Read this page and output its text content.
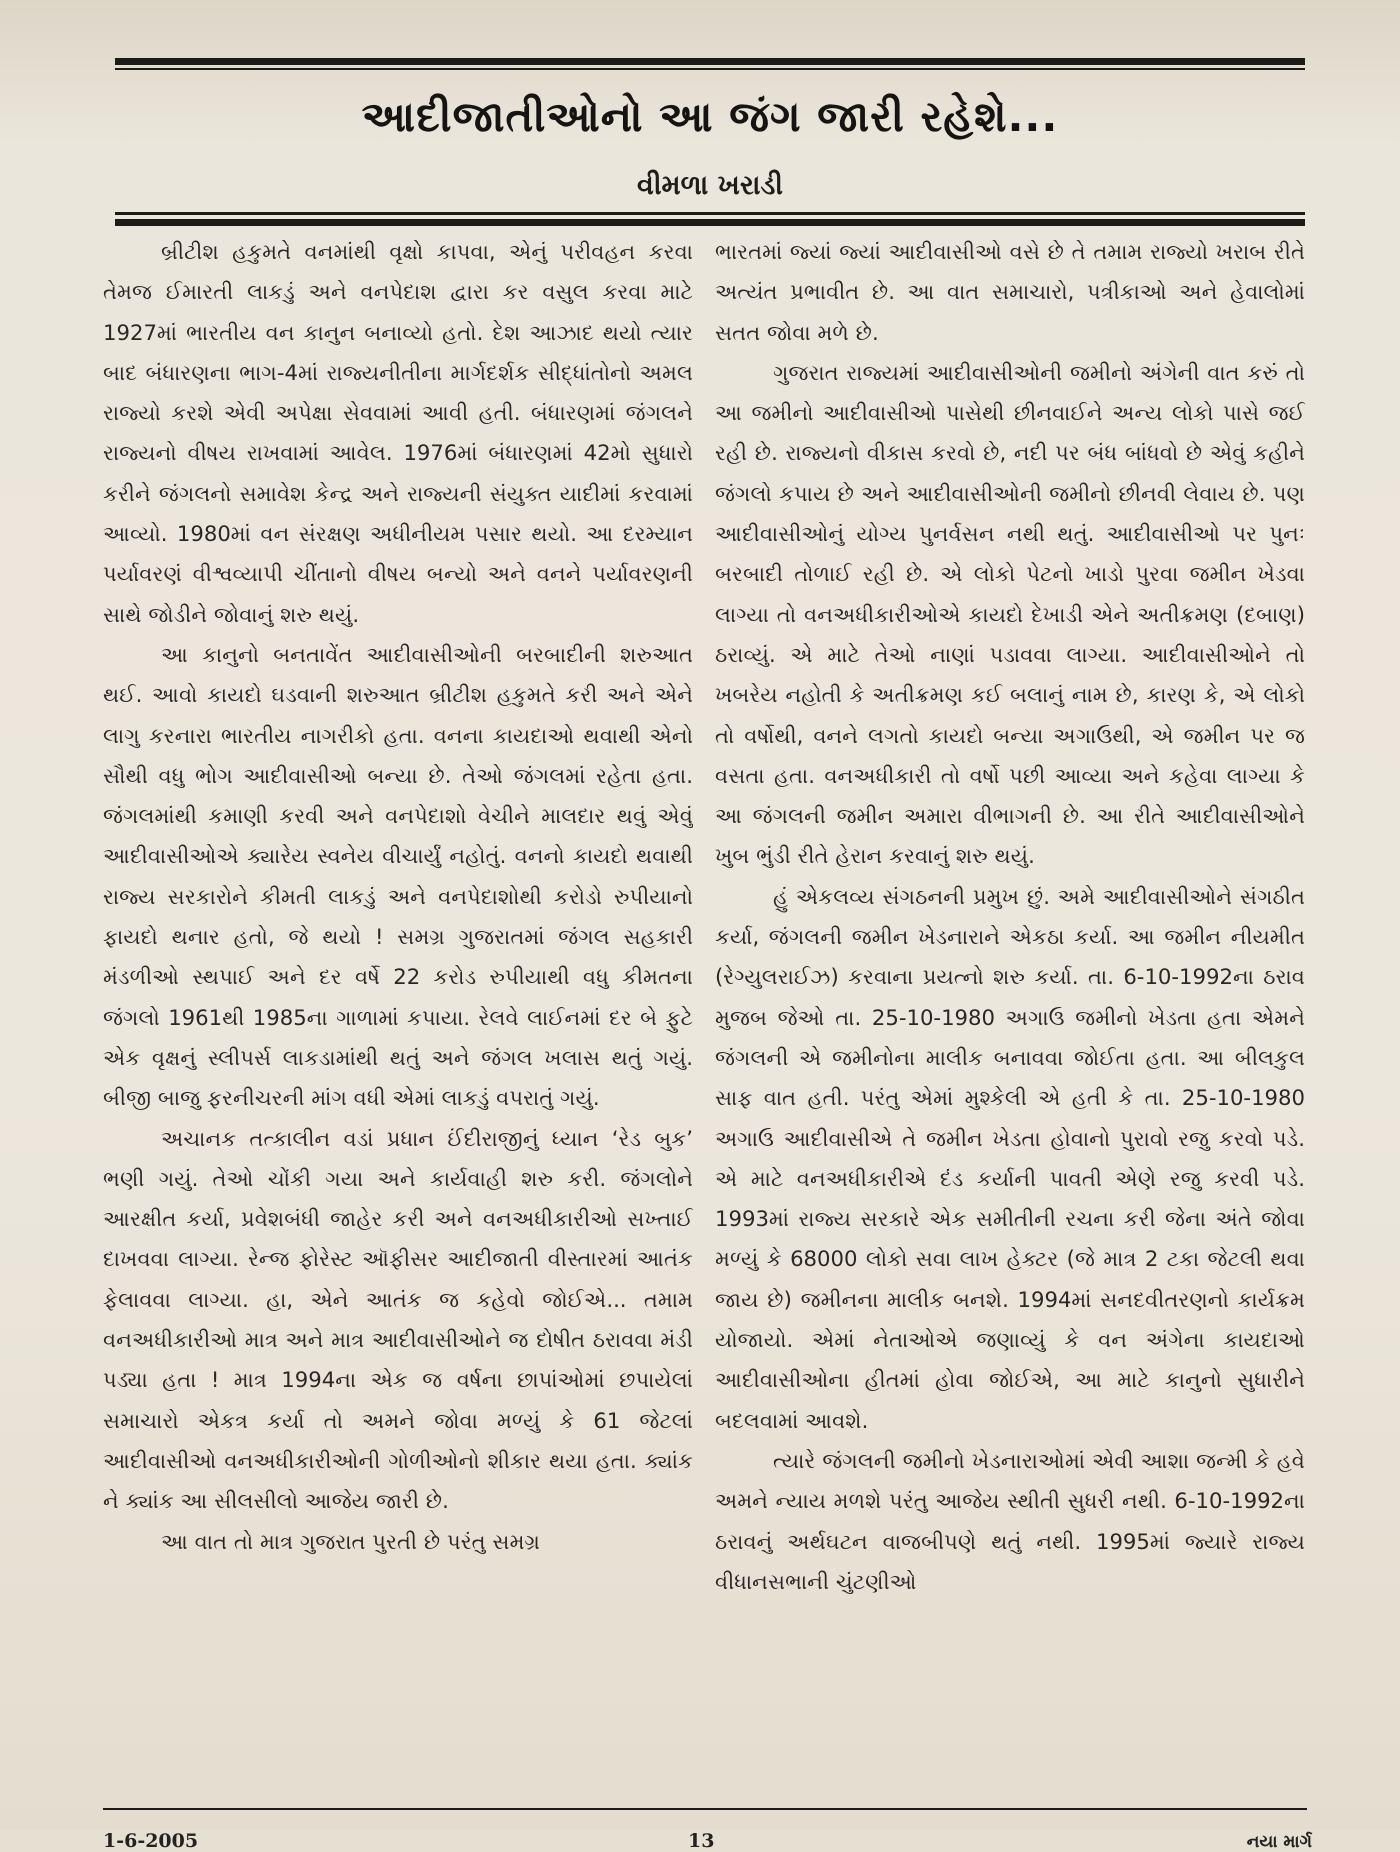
આદીજાતીઓનો આ જંગ જારી રહેશે...
વીમળા ખરાડી

બ્રીટીશ હકુમતે વનમાંથી વૃક્ષો કાપવા, એનું પરીવહન કરવા તેમજ ઈમારતી લાકડું અને વનપેદાશ દ્વારા કર વસુલ કરવા માટે 1927માં ભારતીય વન કાનુન બનાવ્યો હતો. દેશ આઝાદ થયો ત્યાર બાદ બંધારણના ભાગ-4માં રાજ્યનીતીના માર્ગદર્શક સીદ્ધાંતોનો અમલ રાજ્યો કરશે એવી અપેક્ષા સેવવામાં આવી હતી. બંધારણમાં જંગલને રાજ્યનો વીષય રાખવામાં આવેલ. 1976માં બંધારણમાં 42મો સુધારો કરીને જંગલનો સમાવેશ કેન્દ્ર અને રાજ્યની સંયુક્ત યાદીમાં કરવામાં આવ્યો. 1980માં વન સંરક્ષણ અધીનીયમ પસાર થયો. આ દરમ્યાન પર્યાવરણં વીશ્વવ્યાપી ચીંતાનો વીષય બન્યો અને વનને પર્યાવરણની સાથે જોડીને જોવાનું શરુ થયું.

આ કાનુનો બનતાવેંત આદીવાસીઓની બરબાદીની શરુઆત થઈ. આવો કાયદો ઘડવાની શરુઆત બ્રીટીશ હકુમતે કરી અને એને લાગુ કરનારા ભારતીય નાગરીકો હતા. વનના કાયદાઓ થવાથી એનો સૌથી વધુ ભોગ આદીવાસીઓ બન્યા છે. તેઓ જંગલમાં રહેતા હતા. જંગલમાંથી કમાણી કરવી અને વનપેદાશો વેચીને માલદાર થવું એવું આદીવાસીઓએ ક્યારેય સ્વનેય વીચાર્યું નહોતું. વનનો કાયદો થવાથી રાજ્ય સરકારોને કીમતી લાકડું અને વનપેદાશોથી કરોડો રુપીયાનો ફાયદો થનાર હતો, જે થયો ! સમગ્ર ગુજરાતમાં જંગલ સહકારી મંડળીઓ સ્થપાઈ અને દર વર્ષે 22 કરોડ રુપીયાથી વધુ કીમતના જંગલો 1961થી 1985ના ગાળામાં કપાયા. રેલવે લાઈનમાં દર બે ફુટે એક વૃક્ષનું સ્લીપર્સ લાકડામાંથી થતું અને જંગલ ખલાસ થતું ગયું. બીજી બાજુ ફરનીચરની માંગ વધી એમાં લાકડું વપરાતું ગયું.

અચાનક તત્કાલીન વડાં પ્રધાન ઈંદીરાજીનું ધ્યાન ‘રેડ બુક’ ભણી ગયું. તેઓ ચોંકી ગયા અને કાર્યવાહી શરુ કરી. જંગલોને આરક્ષીત કર્યા, પ્રવેશબંધી જાહેર કરી અને વનઅધીકારીઓ સખ્તાઈ દાખવવા લાગ્યા. રેન્જ ફોરેસ્ટ ઑફીસર આદીજાતી વીસ્તારમાં આતંક ફેલાવવા લાગ્યા. હા, એને આતંક જ કહેવો જોઈએ... તમામ વનઅધીકારીઓ માત્ર અને માત્ર આદીવાસીઓને જ દોષીત ઠરાવવા મંડી પડ્યા હતા ! માત્ર 1994ના એક જ વર્ષના છાપાંઓમાં છપાયેલાં સમાચારો એકત્ર કર્યા તો અમને જોવા મળ્યું કે 61 જેટલાં આદીવાસીઓ વનઅધીકારીઓની ગોળીઓનો શીકાર થયા હતા. ક્યાંક ને ક્યાંક આ સીલસીલો આજેય જારી છે.

આ વાત તો માત્ર ગુજરાત પુરતી છે પરંતુ સમગ્ર

ભારતમાં જ્યાં જ્યાં આદીવાસીઓ વસે છે તે તમામ રાજ્યો ખરાબ રીતે અત્યંત પ્રભાવીત છે. આ વાત સમાચારો, પત્રીકાઓ અને હેવાલોમાં સતત જોવા મળે છે.

ગુજરાત રાજ્યમાં આદીવાસીઓની જમીનો અંગેની વાત કરું તો આ જમીનો આદીવાસીઓ પાસેથી છીનવાઈને અન્ય લોકો પાસે જઈ રહી છે. રાજ્યનો વીકાસ કરવો છે, નદી પર બંધ બાંધવો છે એવું કહીને જંગલો કપાય છે અને આદીવાસીઓની જમીનો છીનવી લેવાય છે. પણ આદીવાસીઓનું યોગ્ય પુનર્વસન નથી થતું. આદીવાસીઓ પર પુનઃ બરબાદી તોળાઈ રહી છે. એ લોકો પેટનો ખાડો પુરવા જમીન ખેડવા લાગ્યા તો વનઅધીકારીઓએ કાયદો દેખાડી એને અતીક્રમણ (દબાણ) ઠરાવ્યું. એ માટે તેઓ નાણાં પડાવવા લાગ્યા. આદીવાસીઓને તો ખબરેય નહોતી કે અતીક્રમણ કઈ બલાનું નામ છે, કારણ કે, એ લોકો તો વર્ષોથી, વનને લગતો કાયદો બન્યા અગાઉથી, એ જમીન પર જ વસતા હતા. વનઅધીકારી તો વર્ષો પછી આવ્યા અને કહેવા લાગ્યા કે આ જંગલની જમીન અમારા વીભાગની છે. આ રીતે આદીવાસીઓને ખુબ ભુંડી રીતે હેરાન કરવાનું શરુ થયું.

હું એકલવ્ય સંગઠનની પ્રમુખ છું. અમે આદીવાસીઓને સંગઠીત કર્યા, જંગલની જમીન ખેડનારાને એકઠા કર્યા. આ જમીન નીયમીત (રેગ્યુલરાઈઝ) કરવાના પ્રયત્નો શરુ કર્યા. તા. 6-10-1992ના ઠરાવ મુજબ જેઓ તા. 25-10-1980 અગાઉ જમીનો ખેડતા હતા એમને જંગલની એ જમીનોના માલીક બનાવવા જોઈતા હતા. આ બીલકુલ સાફ વાત હતી. પરંતુ એમાં મુશ્કેલી એ હતી કે તા. 25-10-1980 અગાઉ આદીવાસીએ તે જમીન ખેડતા હોવાનો પુરાવો રજુ કરવો પડે. એ માટે વનઅધીકારીએ દંડ કર્યાની પાવતી એણે રજુ કરવી પડે. 1993માં રાજ્ય સરકારે એક સમીતીની રચના કરી જેના અંતે જોવા મળ્યું કે 68000 લોકો સવા લાખ હેક્ટર (જે માત્ર 2 ટકા જેટલી થવા જાય છે) જમીનના માલીક બનશે. 1994માં સનદવીતરણનો કાર્યક્રમ યોજાયો. એમાં નેતાઓએ જણાવ્યું કે વન અંગેના કાયદાઓ આદીવાસીઓના હીતમાં હોવા જોઈએ, આ માટે કાનુનો સુધારીને બદલવામાં આવશે.

ત્યારે જંગલની જમીનો ખેડનારાઓમાં એવી આશા જન્મી કે હવે અમને ન્યાય મળશે પરંતુ આજેય સ્થીતી સુધરી નથી. 6-10-1992ના ઠરાવનું અર્થઘટન વાજબીપણે થતું નથી. 1995માં જ્યારે રાજ્ય વીધાનસભાની ચુંટણીઓ

1-6-2005	13	નયા માર્ગ
